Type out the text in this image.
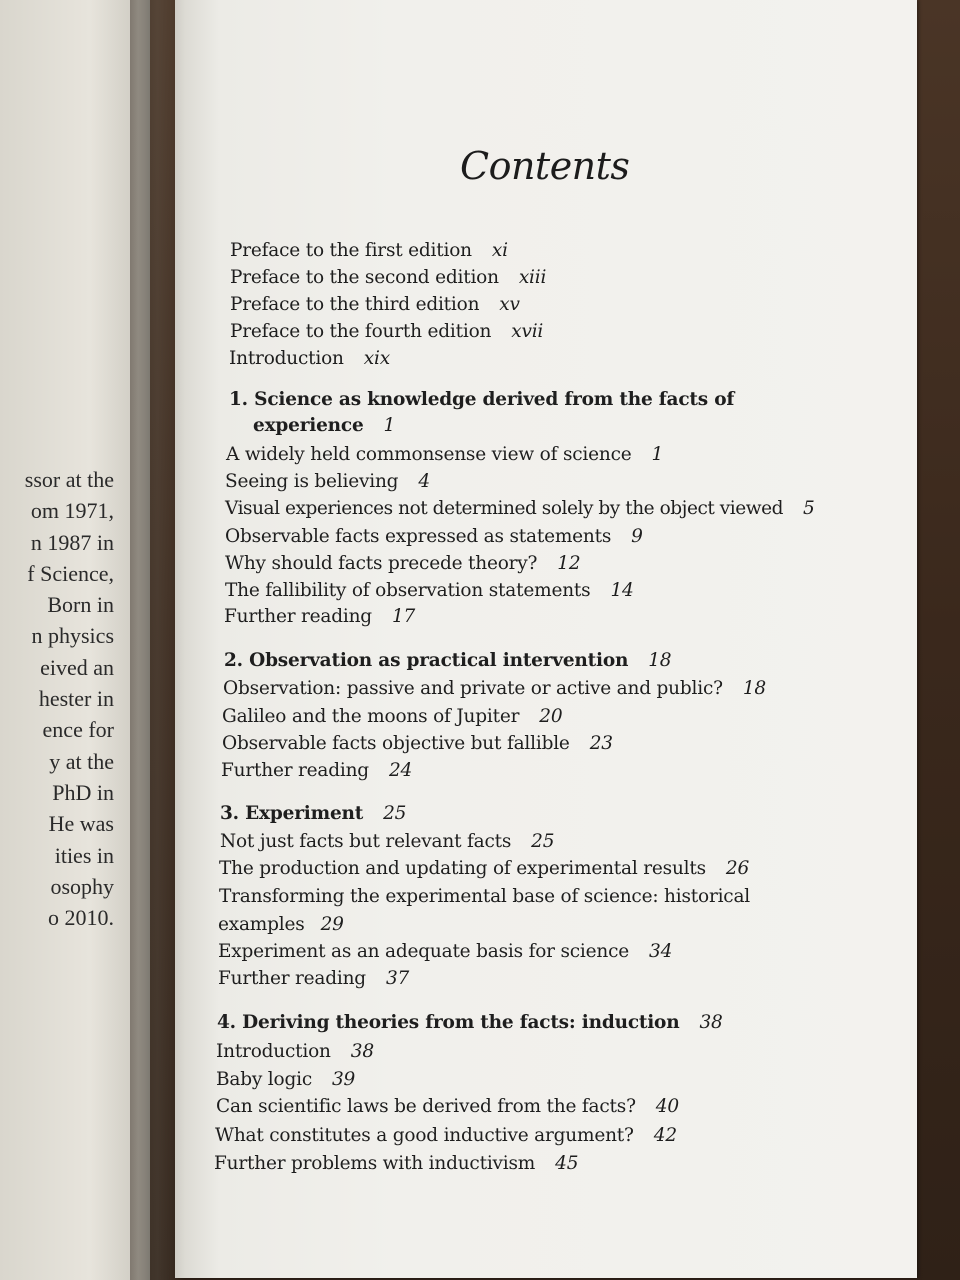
ssor at the
om 1971,
n 1987 in
f Science,
Born in
n physics
eived an
hester in
ence for
y at the
PhD in
He was
ities in
osophy
o 2010.
Contents
Preface to the first edition xi
Preface to the second edition xiii
Preface to the third edition xv
Preface to the fourth edition xvii
Introduction xix
1. Science as knowledge derived from the facts of
experience 1
A widely held commonsense view of science 1
Seeing is believing 4
Visual experiences not determined solely by the object viewed 5
Observable facts expressed as statements 9
Why should facts precede theory? 12
The fallibility of observation statements 14
Further reading 17
2. Observation as practical intervention 18
Observation: passive and private or active and public? 18
Galileo and the moons of Jupiter 20
Observable facts objective but fallible 23
Further reading 24
3. Experiment 25
Not just facts but relevant facts 25
The production and updating of experimental results 26
Transforming the experimental base of science: historical
examples 29
Experiment as an adequate basis for science 34
Further reading 37
4. Deriving theories from the facts: induction 38
Introduction 38
Baby logic 39
Can scientific laws be derived from the facts? 40
What constitutes a good inductive argument? 42
Further problems with inductivism 45
